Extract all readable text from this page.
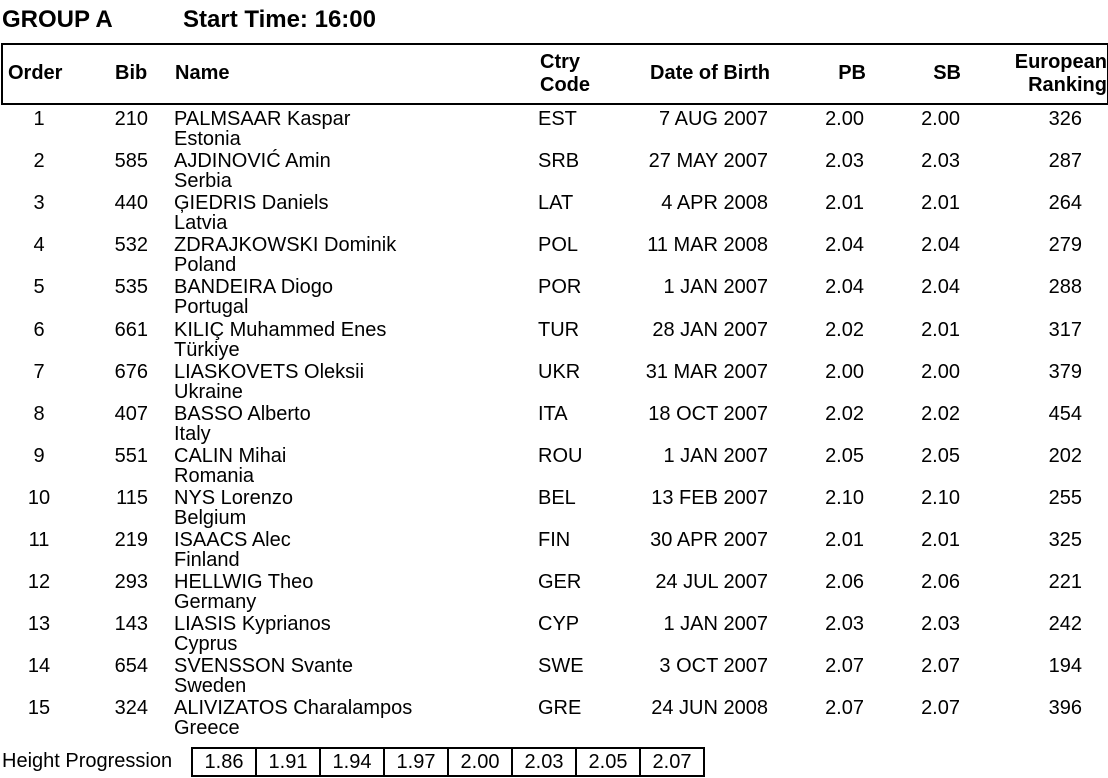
GROUP A	Start Time: 16:00
Order	Bib Name	Ctry
Code
Date of Birth	PB	SB	European
Ranking
1	210 PALMSAAR Kaspar	EST	7 AUG 2007	2.00	2.00	326
Estonia
2	585 AJDINOVIĆ Amin	SRB	27 MAY 2007	2.03	2.03	287
Serbia
3	440 ĢIEDRIS Daniels	LAT	4 APR 2008	2.01	2.01	264
Latvia
4	532 ZDRAJKOWSKI Dominik	POL	11 MAR 2008	2.04	2.04	279
Poland
5	535 BANDEIRA Diogo	POR	1 JAN 2007	2.04	2.04	288
Portugal
6	661 KILIÇ Muhammed Enes	TUR	28 JAN 2007	2.02	2.01	317
Türkiye
7	676 LIASKOVETS Oleksii	UKR	31 MAR 2007	2.00	2.00	379
Ukraine
8	407 BASSO Alberto	ITA	18 OCT 2007	2.02	2.02	454
Italy
9	551 CALIN Mihai	ROU	1 JAN 2007	2.05	2.05	202
Romania
10	115 NYS Lorenzo	BEL	13 FEB 2007	2.10	2.10	255
Belgium
11	219 ISAACS Alec	FIN	30 APR 2007	2.01	2.01	325
Finland
12	293 HELLWIG Theo	GER	24 JUL 2007	2.06	2.06	221
Germany
13	143 LIASIS Kyprianos	CYP	1 JAN 2007	2.03	2.03	242
Cyprus
14	654 SVENSSON Svante	SWE	3 OCT 2007	2.07	2.07	194
Sweden
15	324 ALIVIZATOS Charalampos	GRE	24 JUN 2008	2.07	2.07	396
Greece
Height Progression	1.86	1.91	1.94	1.97	2.00	2.03	2.05	2.07
